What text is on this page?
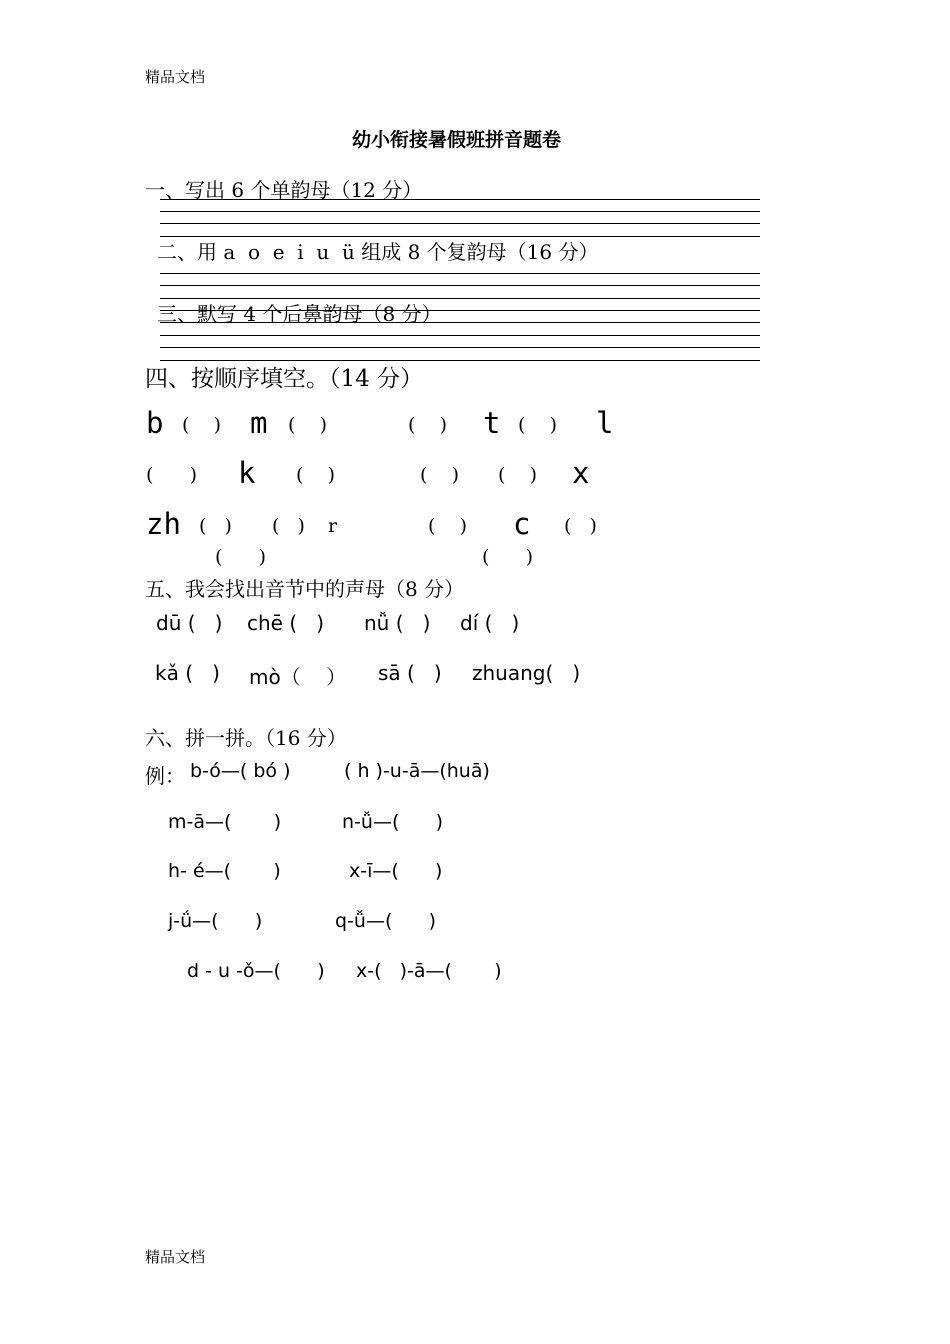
精品文档
幼小衔接暑假班拼音题卷
一、写出 6 个单韵母（12 分）
二、用 a  o  e  i  u  ü 组成 8 个复韵母（16 分）
三、默写 4 个后鼻韵母（8 分）
四、按顺序填空。（14 分）
b (    ) m (    )	(    ) t (    ) l
(      ) k (    )	(    ) (    ) x
zh (   ) (   ) r	(    ) c (   )
(      )	(      )
五、我会找出音节中的声母（8 分）
dū (   ) chē (   ) nǚ (   ) dí (   )
kǎ (   ) mò（    ） sā (   ) zhuang(   )
六、拼一拼。（16 分）
例： b-ó—( bó )	( h )-u-ā—(huā)
m-ā—(       )	n-ǚ—(      )
h- é—(       )	x-ī—(      )
j-ǘ—(      )	q-ǚ—(      )
d - u -ǒ—(      ) x-(   )-ā—(       )
精品文档
